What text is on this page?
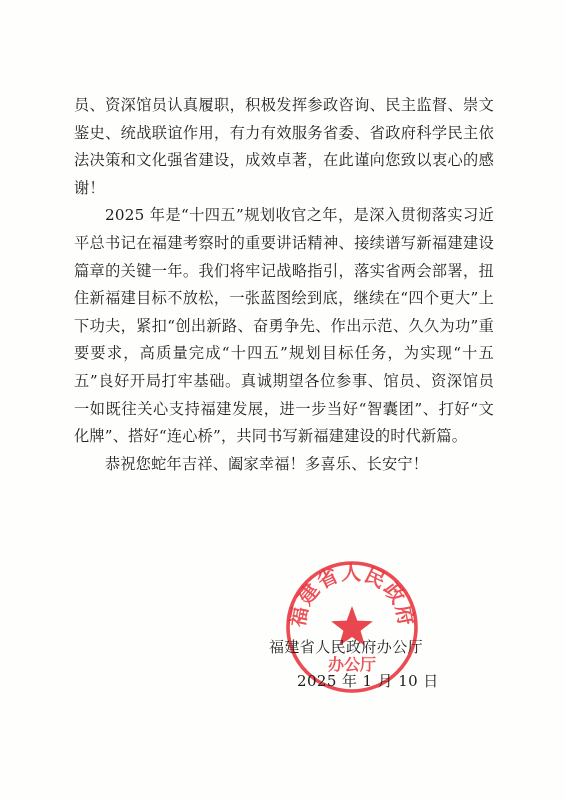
员、资深馆员认真履职，积极发挥参政咨询、民主监督、崇文鉴史、统战联谊作用，有力有效服务省委、省政府科学民主依法决策和文化强省建设，成效卓著，在此谨向您致以衷心的感谢！

2025 年是“十四五”规划收官之年，是深入贯彻落实习近平总书记在福建考察时的重要讲话精神、接续谱写新福建建设篇章的关键一年。我们将牢记战略指引，落实省两会部署，扭住新福建目标不放松，一张蓝图绘到底，继续在“四个更大”上下功夫，紧扣“创出新路、奋勇争先、作出示范、久久为功”重要要求，高质量完成“十四五”规划目标任务，为实现“十五五”良好开局打牢基础。真诚期望各位参事、馆员、资深馆员一如既往关心支持福建发展，进一步当好“智囊团”、打好“文化牌”、搭好“连心桥”，共同书写新福建建设的时代新篇。

恭祝您蛇年吉祥、阖家幸福！多喜乐、长安宁！

福建省人民政府
办公厅
福建省人民政府办公厅
2025 年 1 月 10 日
